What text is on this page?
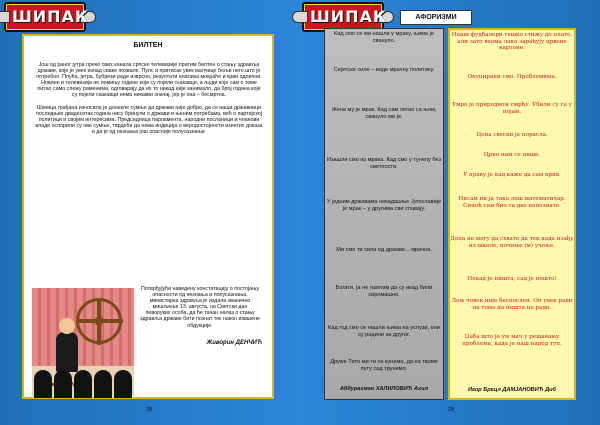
ШИПАК
БИЛТЕН

Још од раног јутра преко свих канала српске телевизије пратим билтен о стању здравља државе, које је увек изнад сваке похвале. Пулс и притисак увек малчице бољи него што је потребно. Плућа, јетра, бубрези раде изврсно, резултати анализа мокраће и крви одлични. Новине и телевизија не помињу године које су појели скакавци, а људи које сам о томе питао само слежу раменима, одговарају да их то никад није занимало, да број година које су појели скакавци нема никакви значај, јер је она – бесмртна.

Шачица грађана износила је донекле сумње да држави није добро, да се наши државници последњих двадесетак година нису бринули о држави и њеним потребама, већ о партијској политици и својим интересима. Председница парламента, народни посланици и чланови владе оспорили су ове сумње, тврдећи да нема индиција о веродостојности изнетих доказа и да је од незнања још опасније полусазнање.

Потврђујући наведену констатацију о постојању опасности од незнања и полусазнања, министарка здравља је издала званично мишљење 13. августа, на Светски дан леворуких особа, да ће тачан налаз о стању здравља државе бити познат тек након извшене обдукције.
Живорин ДЕНЧИЋ
Никола ДРАГАШ
28
ШИПАК	АФОРИЗМИ
Кад смо се ми нашли у мраку, њима је свануло.
Сејетске силе – воде мрачну политику.
Жена му је мрак. Кад сам легао са њом, свануло ми је.
Изашли смо из мрака. Кад смо у тунелу без светлости.
У једним државама некадашње Југославије је мрак – у другима сви спавају.
Ми смо ти сила од државе... мрачна.
Богати, ја не памтим да су икад били сиромашни.
Кад год смо се нашли њима на услузи, они су радили за другог.
Друже Тито ми ти се кунемо, да на твоме путу сад трунемо.
Абдурахман ХАЛИЛОВИЋ Ахил
Наши фудбалери тешко стижу до плате, али зато веома лако зарађују црвене картоне.
Окупирани смо. Проблемима.
Умро је природном смрћу. Убили су га у појам.
Цена свески је порасла.
Црно нам се пише.
У праву је кад каже да сам крив.
Нисам ни ја тако лош математичар. Синоћ сам био са две непознате.
Деца не могу да схвате да тек када изађу из школе, почиње (м) учење.
Некад је ништа, сад је нешто!
Лењ човек није беспослен. Он увек ради на томе да ништа не ради.
Џаба што је ум мач у решавању проблема, када је наш народ туп.
Игор Брецл ДАМЈАНОВИЋ Диб
29
